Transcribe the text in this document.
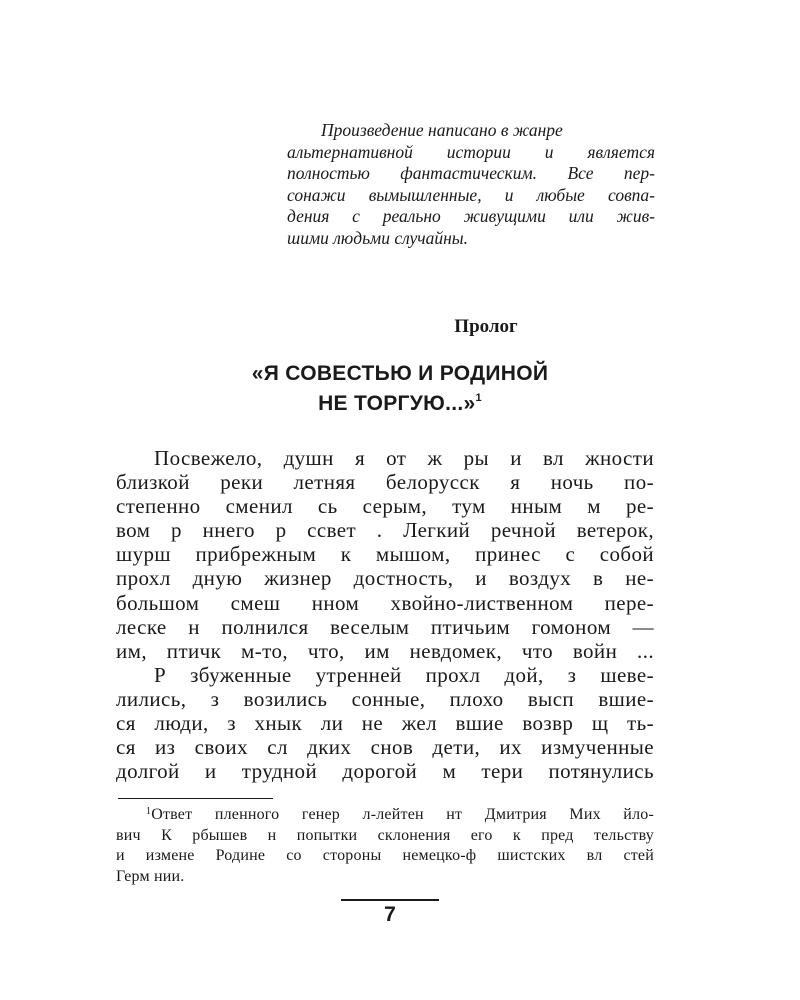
Произведение написано в жанре
альтернативной истории и является
полностью фантастическим. Все пер-
сонажи вымышленные, и любые совпа-
дения с реально живущими или жив-
шими людьми случайны.
Пролог
«Я СОВЕСТЬЮ И РОДИНОЙ
НЕ ТОРГУЮ...»$^1$
Посвежело, душн я от ж ры и вл жности
близкой реки летняя белорусск я ночь по-
степенно сменил сь серым, тум нным м ре-
вом р ннего р ссвет . Легкий речной ветерок,
шурш прибрежным к мышом, принес с собой
прохл дную жизнер достность, и воздух в не-
большом смеш нном хвойно-лиственном пере-
леске н полнился веселым птичьим гомоном —
им, птичк м-то, что, им невдомек, что войн ...
Р збуженные утренней прохл дой, з шеве-
лились, з возились сонные, плохо высп вшие-
ся люди, з хнык ли не жел вшие возвр щ ть-
ся из своих сл дких снов дети, их измученные
долгой и трудной дорогой м тери потянулись
$^1$Ответ пленного генер л-лейтен нт Дмитрия Мих йло-
вич К рбышев н попытки склонения его к пред тельству
и измене Родине со стороны немецко-ф шистских вл стей
Герм нии.
7
